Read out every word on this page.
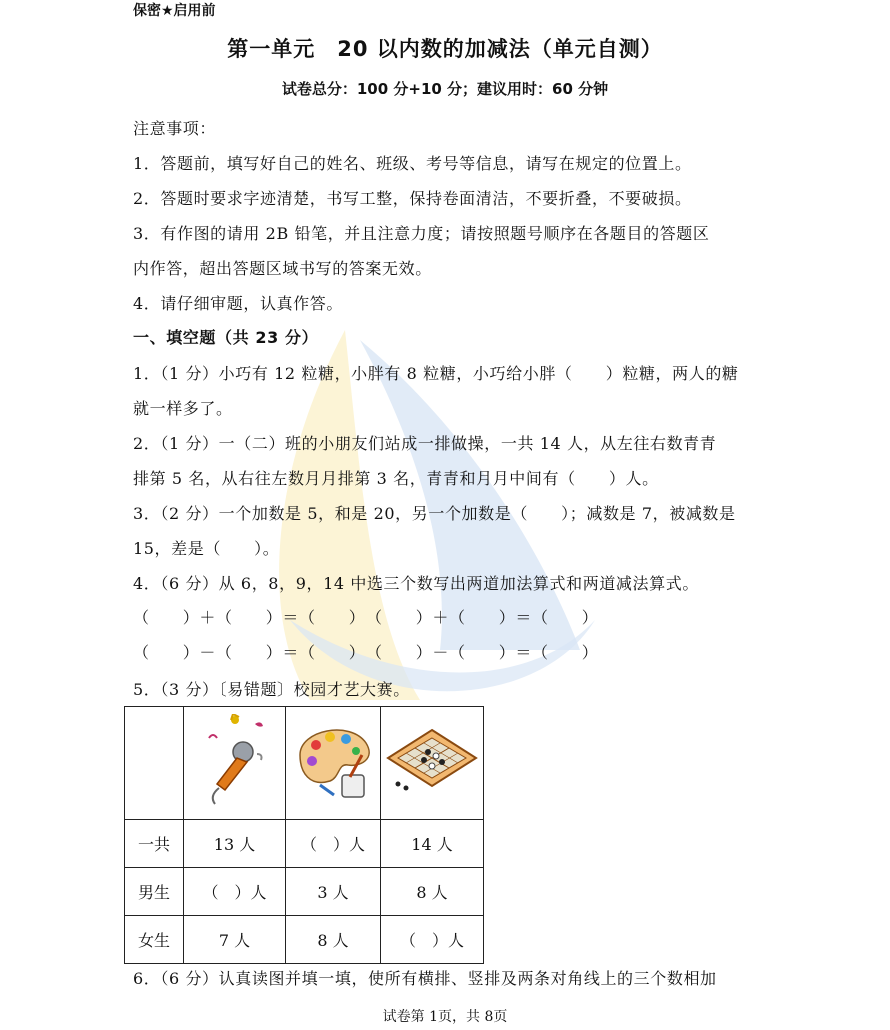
保密★启用前
第一单元　20 以内数的加减法（单元自测）
试卷总分：100 分+10 分；建议用时：60 分钟
注意事项：
1．答题前，填写好自己的姓名、班级、考号等信息，请写在规定的位置上。
2．答题时要求字迹清楚，书写工整，保持卷面清洁，不要折叠，不要破损。
3．有作图的请用 2B 铅笔，并且注意力度；请按照题号顺序在各题目的答题区
内作答，超出答题区域书写的答案无效。
4．请仔细审题，认真作答。
一、填空题（共 23 分）
1．（1 分）小巧有 12 粒糖，小胖有 8 粒糖，小巧给小胖（　　）粒糖，两人的糖
就一样多了。
2．（1 分）一（二）班的小朋友们站成一排做操，一共 14 人，从左往右数青青
排第 5 名，从右往左数月月排第 3 名，青青和月月中间有（　　）人。
3．（2 分）一个加数是 5，和是 20，另一个加数是（　　）；减数是 7，被减数是
15，差是（　　）。
4．（6 分）从 6，8，9，14 中选三个数写出两道加法算式和两道减法算式。
（　　）＋（　　）＝（　　）　（　　）＋（　　）＝（　　）
（　　）－（　　）＝（　　）　（　　）－（　　）＝（　　）
5．（3 分）〔易错题〕校园才艺大赛。

一共	13 人	（　）人	14 人
男生	（　）人	3 人	8 人
女生	7 人	8 人	（　）人
6．（6 分）认真读图并填一填，使所有横排、竖排及两条对角线上的三个数相加
试卷第 1页，共 8页
